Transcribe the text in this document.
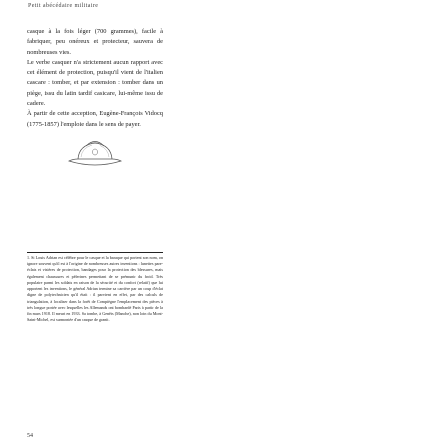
Petit abécédaire militaire

casque à la fois léger (700 grammes), facile à fabriquer, peu onéreux et protecteur, sauvera de nombreuses vies.

Le verbe casquer n'a strictement aucun rapport avec cet élément de protection, puisqu'il vient de l'italien cascare : tomber, et par extension : tomber dans un piège, issu du latin tardif casicare, lui-même issu de cadere.

À partir de cette acception, Eugène-François Vidocq (1775-1857) l'emploie dans le sens de payer.

1. Si Louis Adrian est célèbre pour le casque et la baraque qui portent son nom, on ignore souvent qu'il est à l'origine de nombreuses autres inventions : lunettes pare-éclats et visières de protection, bandages pour la protection des blessures, mais également chaussures et pèlerines permettant de se prémunir du froid. Très populaire parmi les soldats en raison de la sécurité et du confort (relatif) que lui apportent les inventions, le général Adrian termine sa carrière par un coup d'éclat digne de polytechnicien qu'il était : il parvient en effet, par des calculs de triangulation, à localiser dans la forêt de Compiègne l'emplacement des pièces à très longue portée avec lesquelles les Allemands ont bombardé Paris à partir de la fin mars 1918. Il meurt en 1933. Sa tombe, à Genêts (Manche), non loin du Mont-Saint-Michel, est surmontée d'un casque de granit.

54
